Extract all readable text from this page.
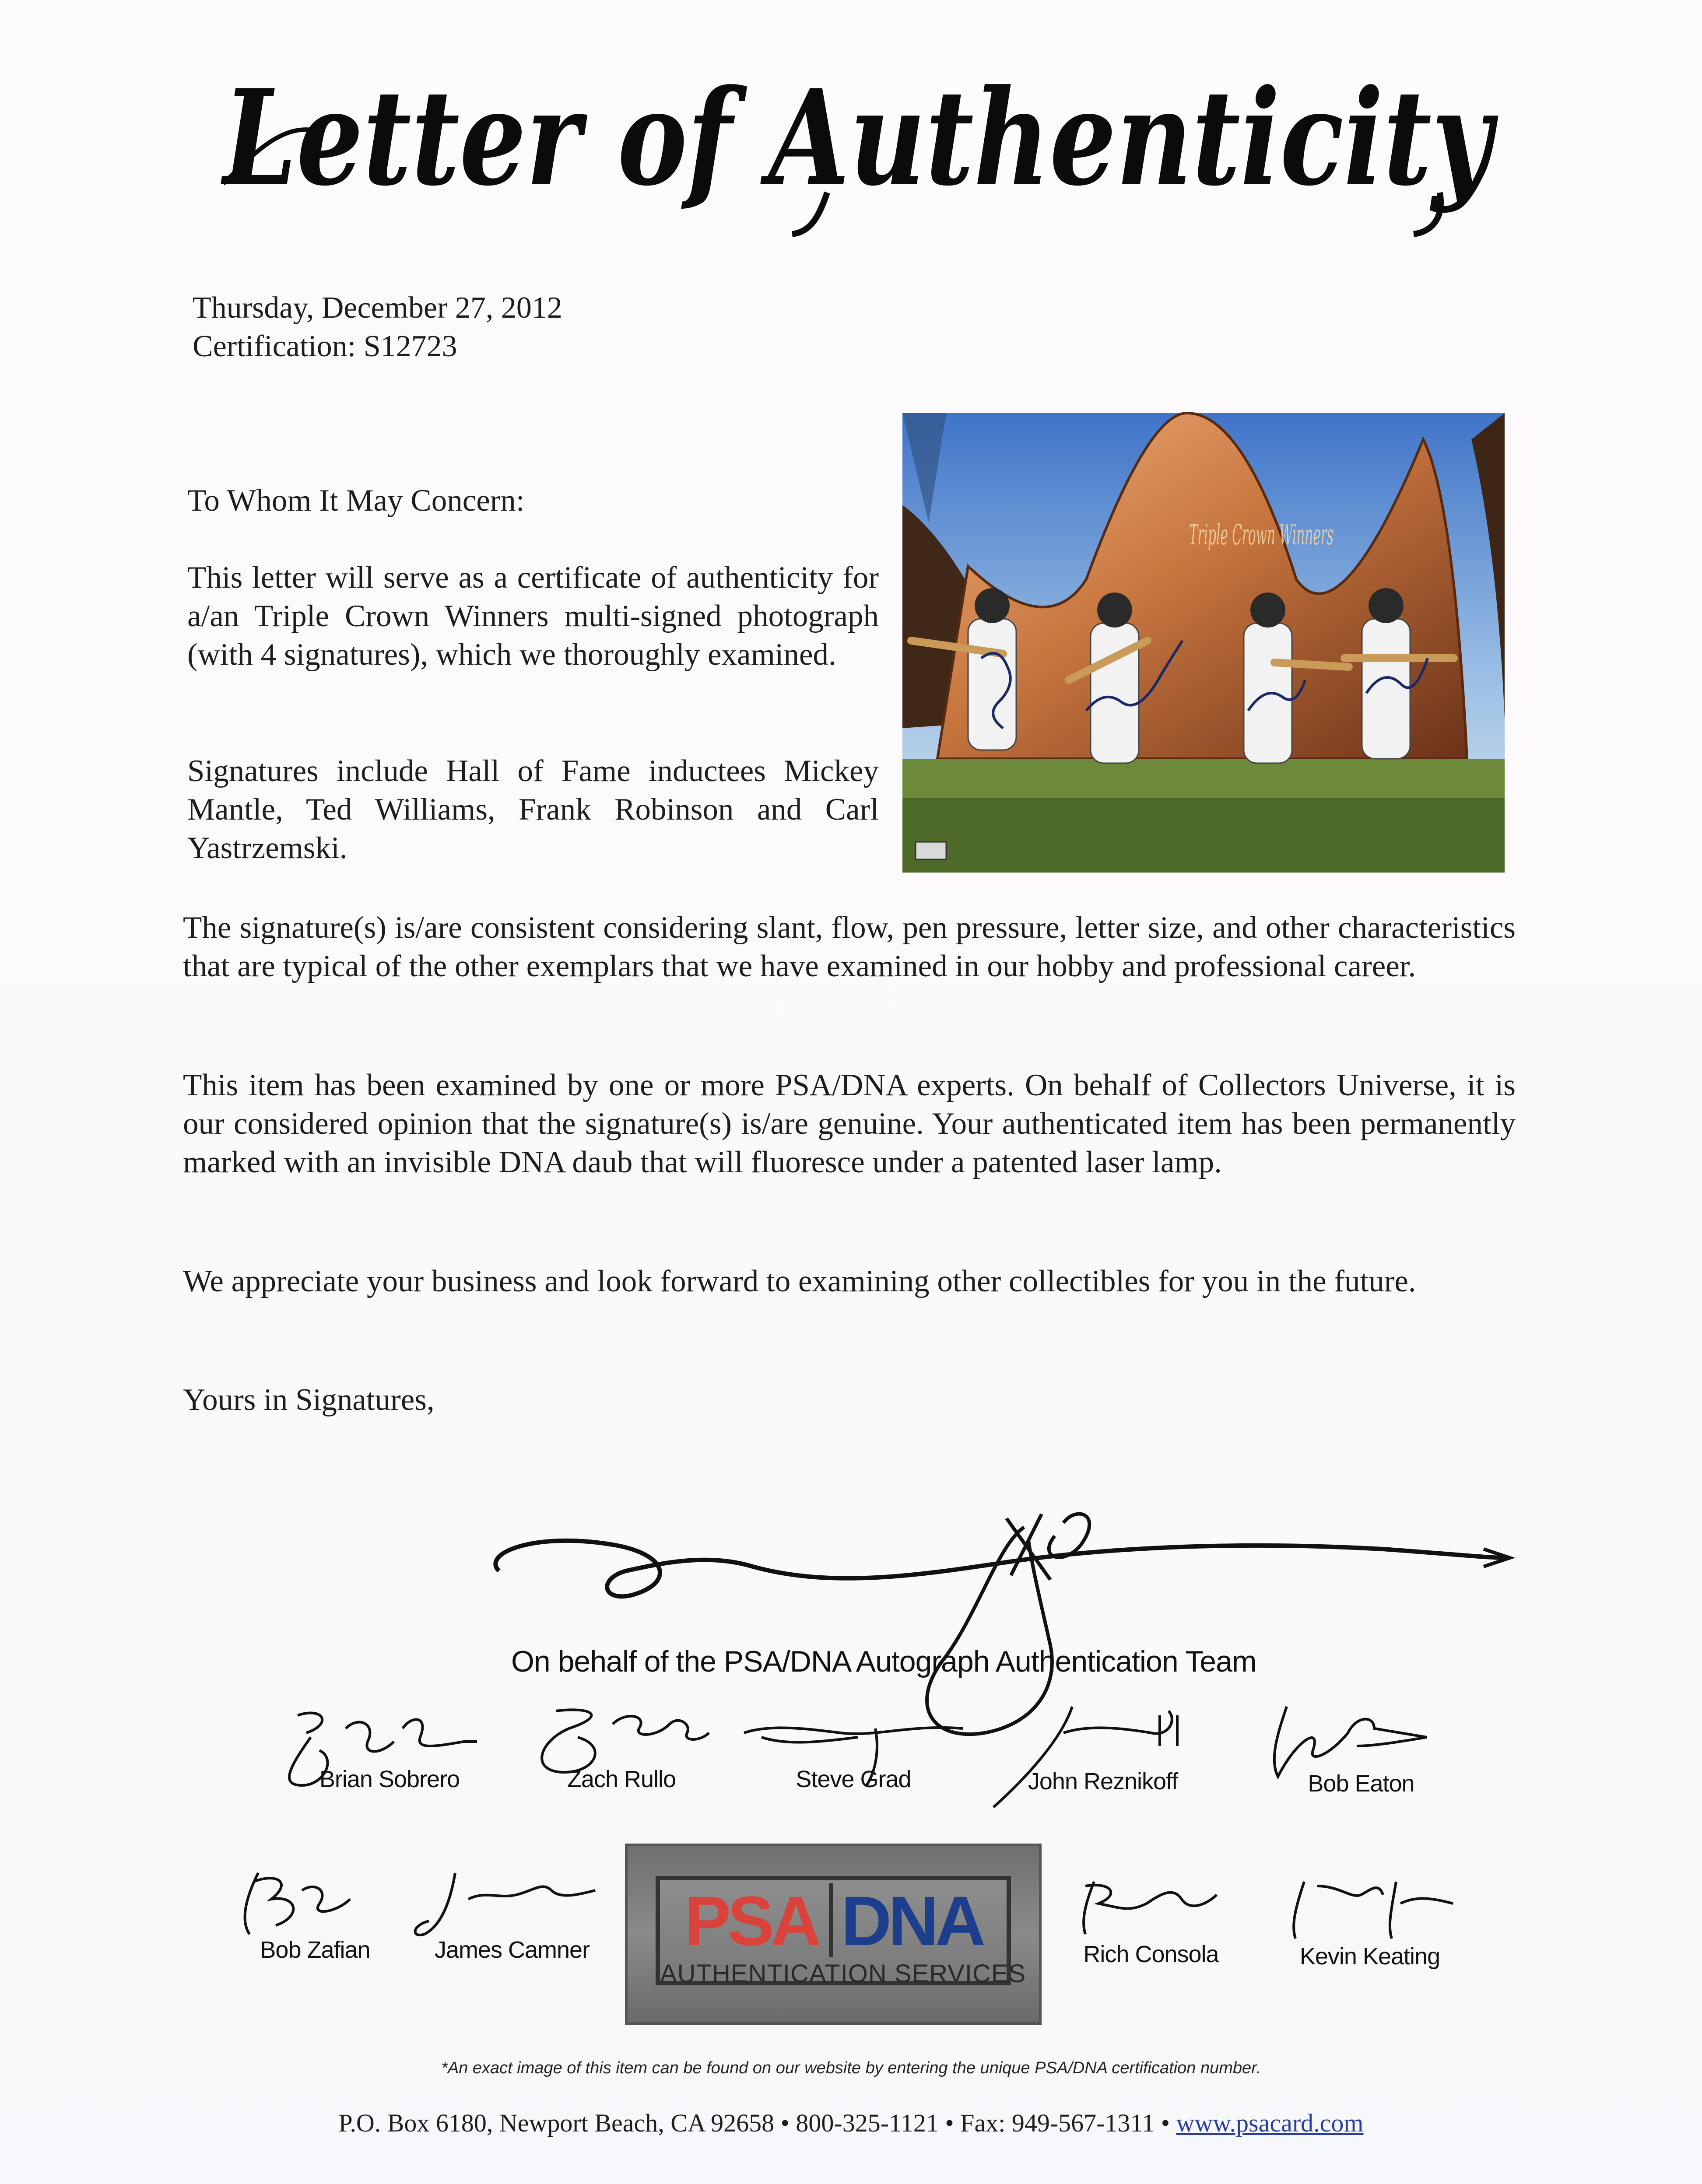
Letter of Authenticity
Thursday, December 27, 2012
Certification: S12723
Triple Crown Winners
To Whom It May Concern:
This letter will serve as a certificate of authenticity for a/an Triple Crown Winners multi-signed photograph (with 4 signatures), which we thoroughly examined.
Signatures include Hall of Fame inductees Mickey Mantle, Ted Williams, Frank Robinson and Carl Yastrzemski.
The signature(s) is/are consistent considering slant, flow, pen pressure, letter size, and other characteristics that are typical of the other exemplars that we have examined in our hobby and professional career.
This item has been examined by one or more PSA/DNA experts. On behalf of Collectors Universe, it is our considered opinion that the signature(s) is/are genuine. Your authenticated item has been permanently marked with an invisible DNA daub that will fluoresce under a patented laser lamp.
We appreciate your business and look forward to examining other collectibles for you in the future.
Yours in Signatures,
On behalf of the PSA/DNA Autograph Authentication Team
Brian Sobrero	Zach Rullo	Steve Grad	John Reznikoff	Bob Eaton
Bob Zafian	James Camner	Rich Consola	Kevin Keating
PSA DNA
AUTHENTICATION SERVICES
*An exact image of this item can be found on our website by entering the unique PSA/DNA certification number.
P.O. Box 6180, Newport Beach, CA 92658 • 800-325-1121 • Fax: 949-567-1311 • www.psacard.com
